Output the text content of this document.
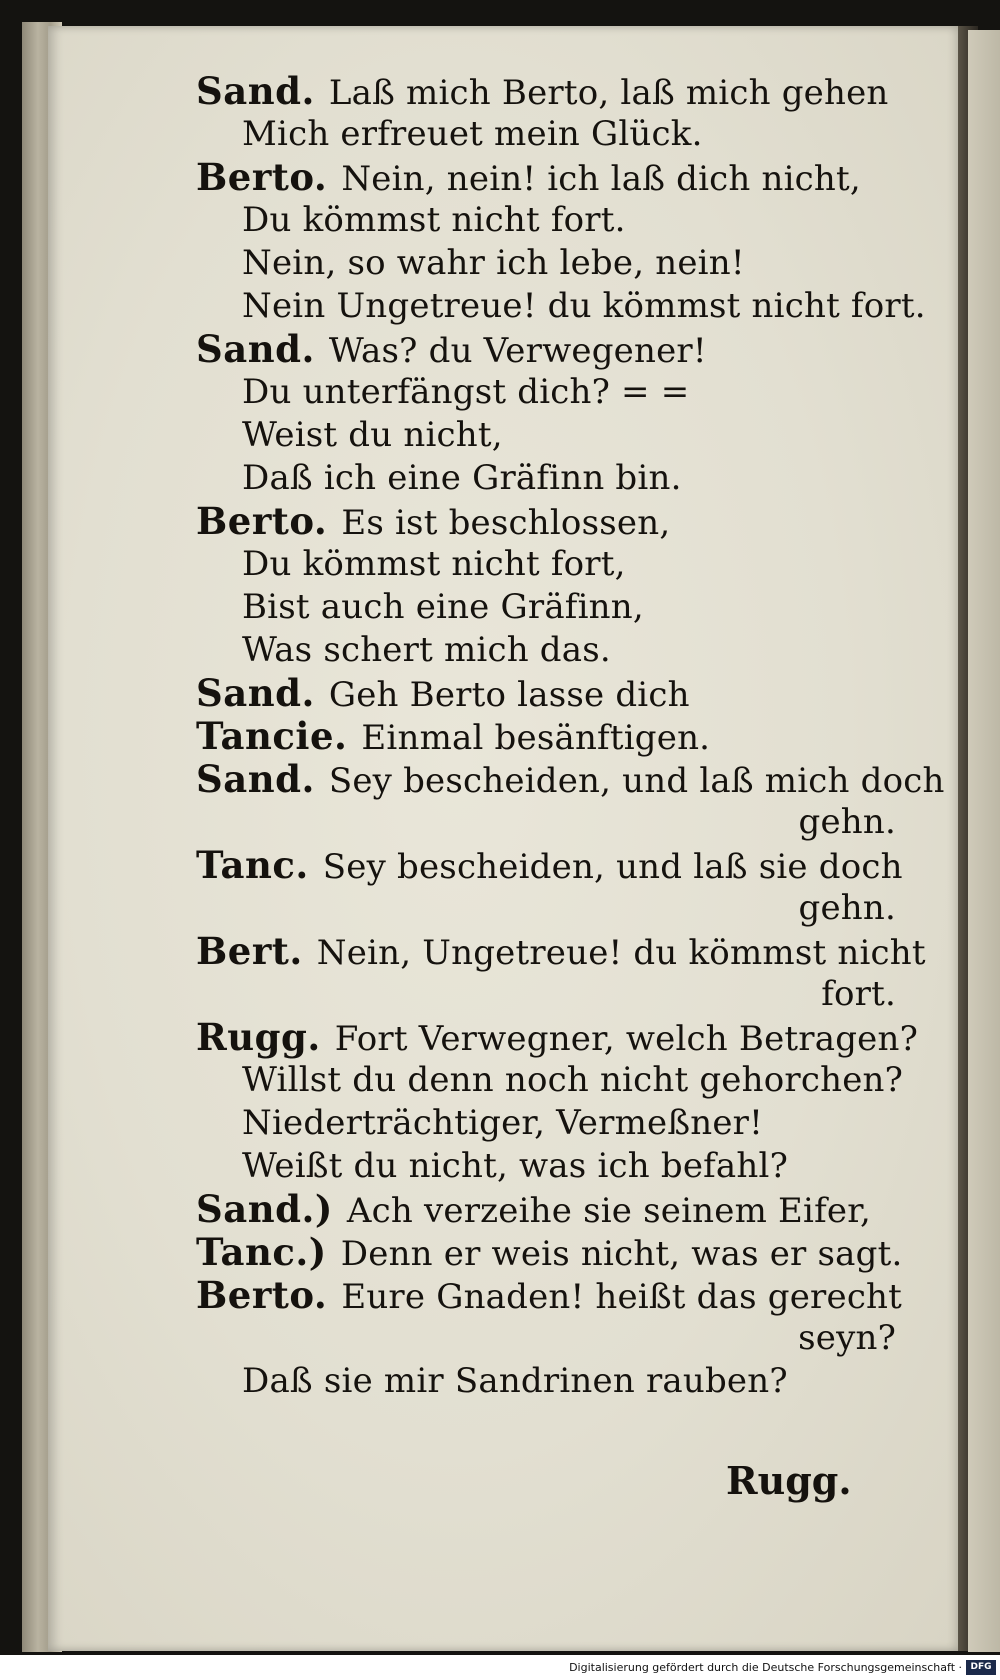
Sand. Laß mich Berto, laß mich gehen
Mich erfreuet mein Glück.
Berto. Nein, nein! ich laß dich nicht,
Du kömmst nicht fort.
Nein, so wahr ich lebe, nein!
Nein Ungetreue! du kömmst nicht fort.
Sand. Was? du Verwegener!
Du unterfängst dich? = =
Weist du nicht,
Daß ich eine Gräfinn bin.
Berto. Es ist beschlossen,
Du kömmst nicht fort,
Bist auch eine Gräfinn,
Was schert mich das.
Sand. Geh Berto lasse dich
Tancie. Einmal besänftigen.
Sand. Sey bescheiden, und laß mich doch
gehn.
Tanc. Sey bescheiden, und laß sie doch
gehn.
Bert. Nein, Ungetreue! du kömmst nicht
fort.
Rugg. Fort Verwegner, welch Betragen?
Willst du denn noch nicht gehorchen?
Niederträchtiger, Vermeßner!
Weißt du nicht, was ich befahl?
Sand.) Ach verzeihe sie seinem Eifer,
Tanc.) Denn er weis nicht, was er sagt.
Berto. Eure Gnaden! heißt das gerecht
seyn?
Daß sie mir Sandrinen rauben?
Rugg.
Digitalisierung gefördert durch die Deutsche Forschungsgemeinschaft · DFG
